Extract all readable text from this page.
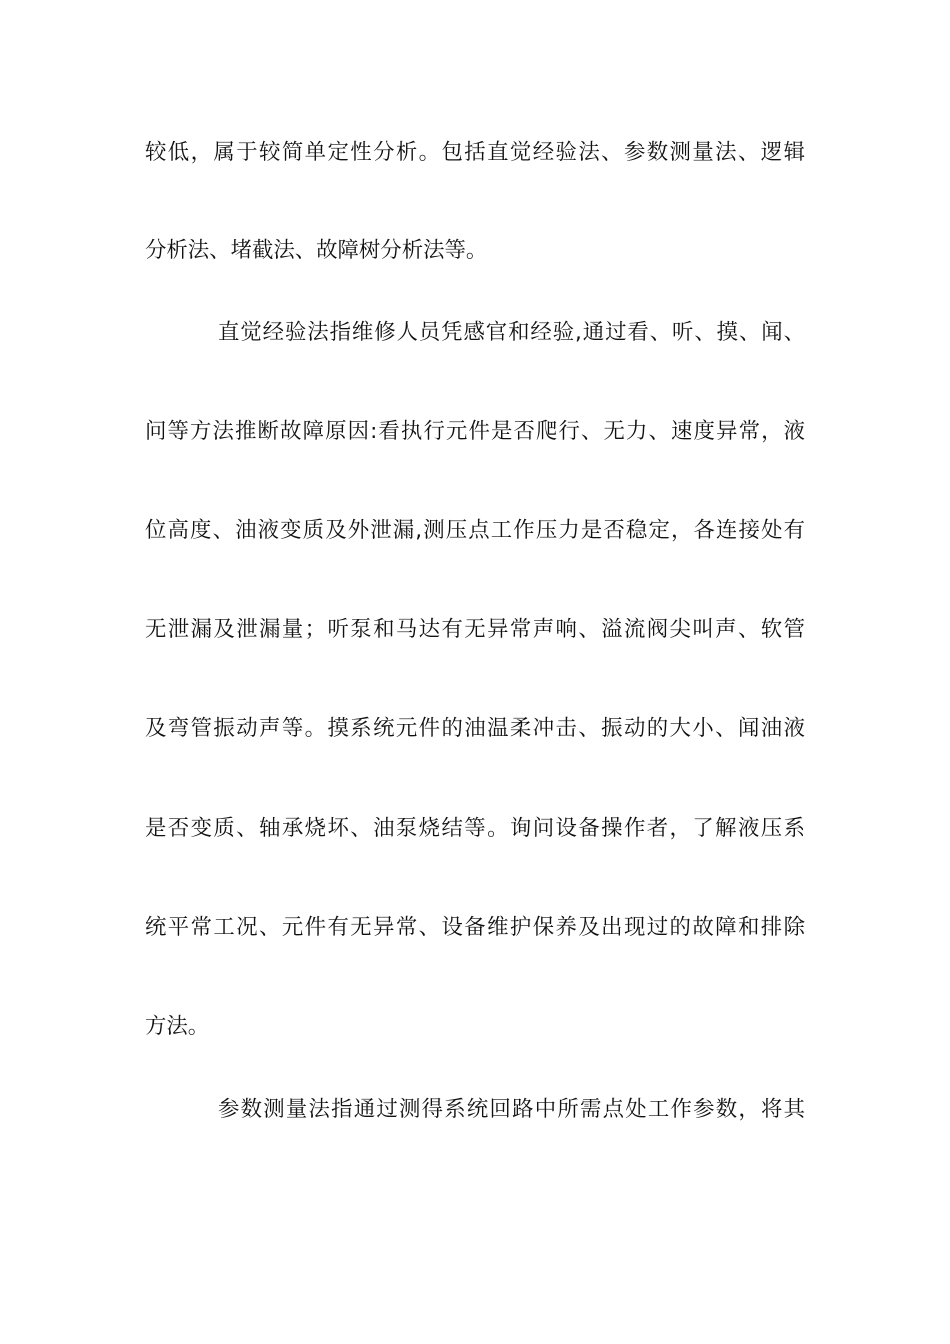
较低，属于较简单定性分析。包括直觉经验法、参数测量法、逻辑
分析法、堵截法、故障树分析法等。
直觉经验法指维修人员凭感官和经验,通过看、听、摸、闻、
问等方法推断故障原因:看执行元件是否爬行、无力、速度异常，液
位高度、油液变质及外泄漏,测压点工作压力是否稳定，各连接处有
无泄漏及泄漏量；听泵和马达有无异常声响、溢流阀尖叫声、软管
及弯管振动声等。摸系统元件的油温柔冲击、振动的大小、闻油液
是否变质、轴承烧坏、油泵烧结等。询问设备操作者，了解液压系
统平常工况、元件有无异常、设备维护保养及出现过的故障和排除
方法。
参数测量法指通过测得系统回路中所需点处工作参数，将其
